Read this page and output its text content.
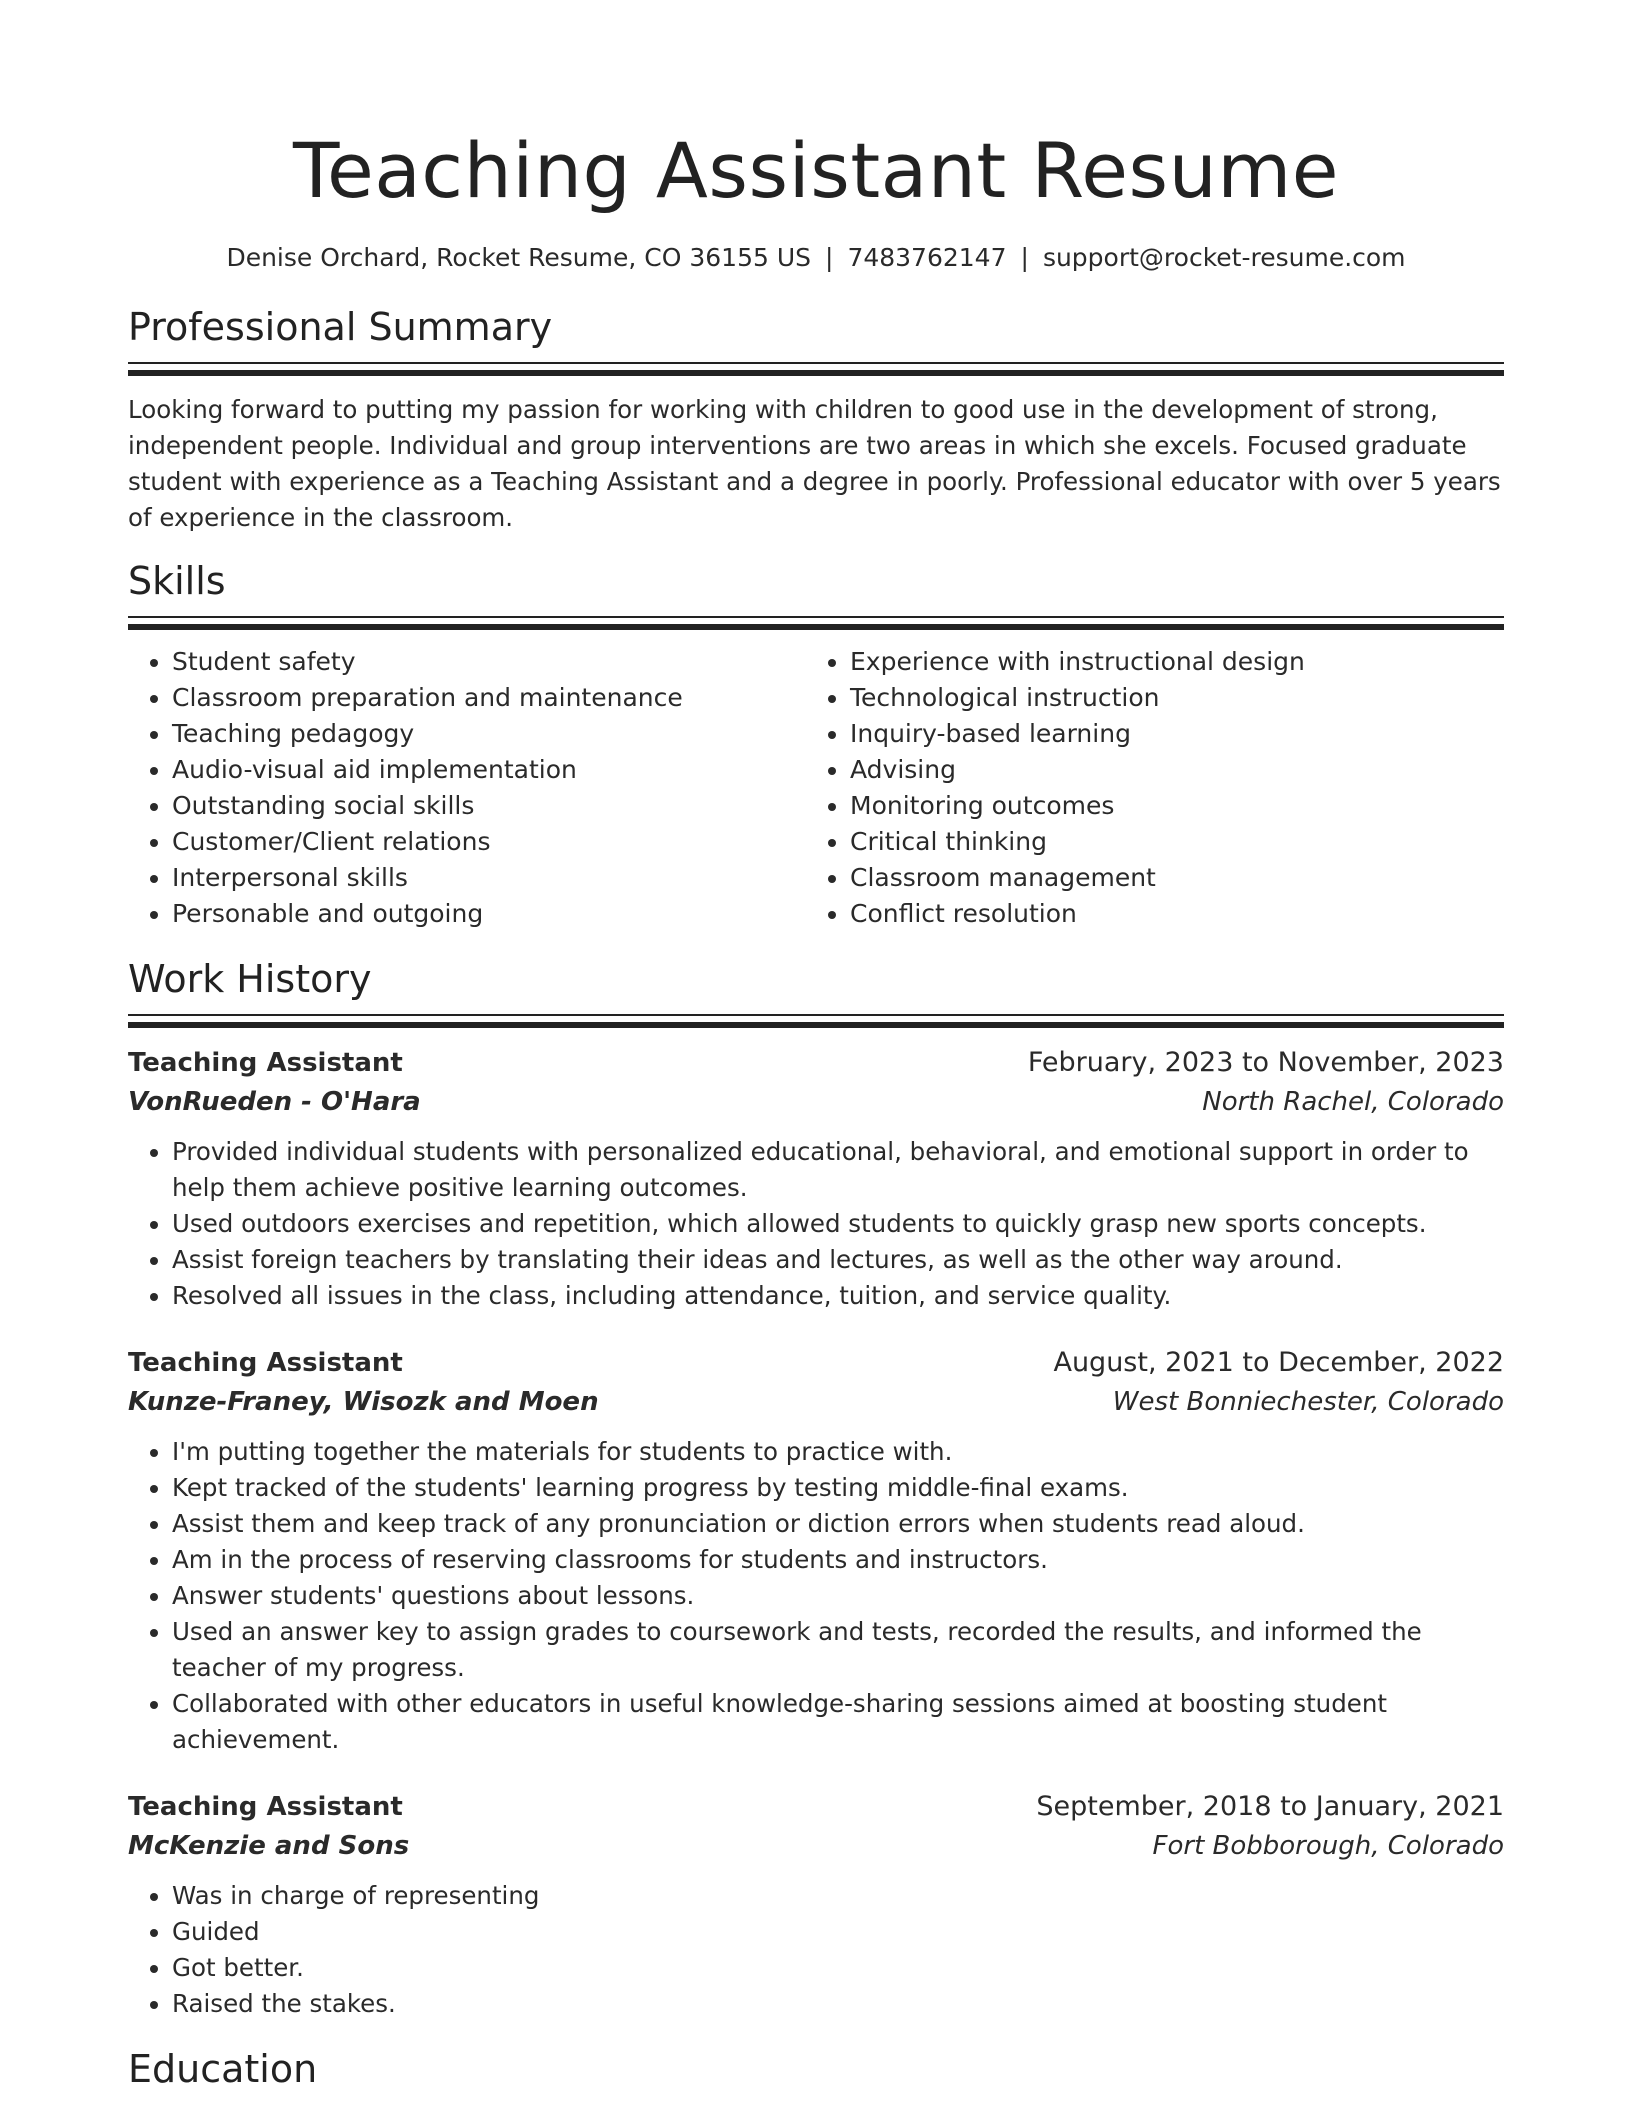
Teaching Assistant Resume
Denise Orchard, Rocket Resume, CO 36155 US | 7483762147 | support@rocket-resume.com
Professional Summary
Looking forward to putting my passion for working with children to good use in the development of strong, independent people. Individual and group interventions are two areas in which she excels. Focused graduate student with experience as a Teaching Assistant and a degree in poorly. Professional educator with over 5 years of experience in the classroom.
Skills
• Student safety
• Classroom preparation and maintenance
• Teaching pedagogy
• Audio-visual aid implementation
• Outstanding social skills
• Customer/Client relations
• Interpersonal skills
• Personable and outgoing
• Experience with instructional design
• Technological instruction
• Inquiry-based learning
• Advising
• Monitoring outcomes
• Critical thinking
• Classroom management
• Conflict resolution
Work History
Teaching Assistant	February, 2023 to November, 2023
VonRueden - O'Hara	North Rachel, Colorado
• Provided individual students with personalized educational, behavioral, and emotional support in order to help them achieve positive learning outcomes.
• Used outdoors exercises and repetition, which allowed students to quickly grasp new sports concepts.
• Assist foreign teachers by translating their ideas and lectures, as well as the other way around.
• Resolved all issues in the class, including attendance, tuition, and service quality.
Teaching Assistant	August, 2021 to December, 2022
Kunze-Franey, Wisozk and Moen	West Bonniechester, Colorado
• I'm putting together the materials for students to practice with.
• Kept tracked of the students' learning progress by testing middle-final exams.
• Assist them and keep track of any pronunciation or diction errors when students read aloud.
• Am in the process of reserving classrooms for students and instructors.
• Answer students' questions about lessons.
• Used an answer key to assign grades to coursework and tests, recorded the results, and informed the teacher of my progress.
• Collaborated with other educators in useful knowledge-sharing sessions aimed at boosting student achievement.
Teaching Assistant	September, 2018 to January, 2021
McKenzie and Sons	Fort Bobborough, Colorado
• Was in charge of representing
• Guided
• Got better.
• Raised the stakes.
Education
